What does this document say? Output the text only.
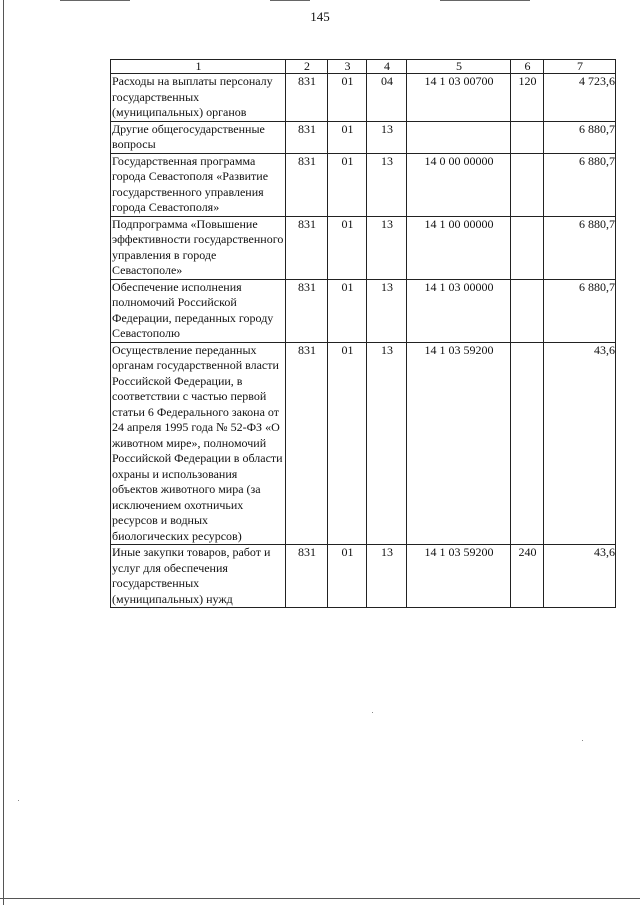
145
1	2	3	4	5	6	7
Расходы на выплаты персоналу государственных (муниципальных) органов	831	01	04	14 1 03 00700	120	4 723,6
Другие общегосударственные вопросы	831	01	13			6 880,7
Государственная программа города Севастополя «Развитие государственного управления города Севастополя»	831	01	13	14 0 00 00000		6 880,7
Подпрограмма «Повышение эффективности государственного управления в городе Севастополе»	831	01	13	14 1 00 00000		6 880,7
Обеспечение исполнения полномочий Российской Федерации, переданных городу Севастополю	831	01	13	14 1 03 00000		6 880,7
Осуществление переданных органам государственной власти Российской Федерации, в соответствии с частью первой статьи 6 Федерального закона от 24 апреля 1995 года № 52-ФЗ «О животном мире», полномочий Российской Федерации в области охраны и использования объектов животного мира (за исключением охотничьих ресурсов и водных биологических ресурсов)	831	01	13	14 1 03 59200		43,6
Иные закупки товаров, работ и услуг для обеспечения государственных (муниципальных) нужд	831	01	13	14 1 03 59200	240	43,6
